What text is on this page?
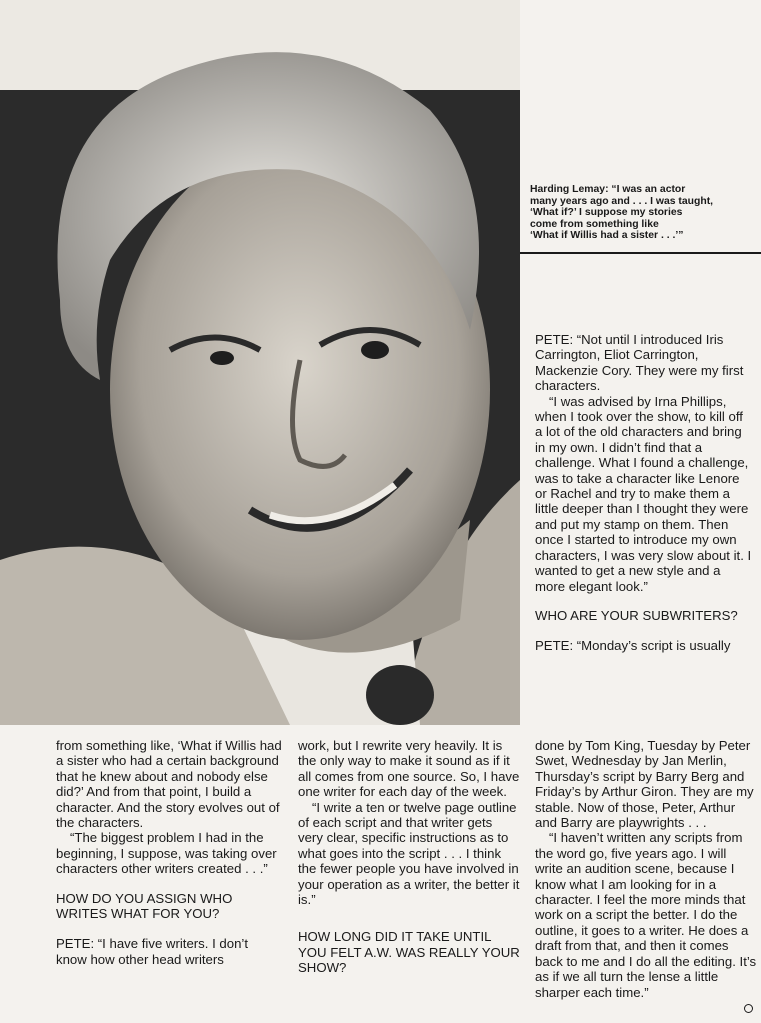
Harding Lemay: “I was an actor

many years ago and . . . I was taught,

‘What if?’ I suppose my stories

come from something like

‘What if Willis had a sister . . .’”

PETE: “Not until I introduced Iris Carrington, Eliot Carrington, Mackenzie Cory. They were my first characters.

“I was advised by Irna Phillips, when I took over the show, to kill off a lot of the old characters and bring in my own. I didn’t find that a challenge. What I found a challenge, was to take a character like Lenore or Rachel and try to make them a little deeper than I thought they were and put my stamp on them. Then once I started to introduce my own characters, I was very slow about it. I wanted to get a new style and a more elegant look.”

WHO ARE YOUR SUBWRITERS?

PETE: “Monday’s script is usually

from something like, ‘What if Willis had a sister who had a certain background that he knew about and nobody else did?’ And from that point, I build a character. And the story evolves out of the characters.

“The biggest problem I had in the beginning, I suppose, was taking over characters other writers created . . .”

HOW DO YOU ASSIGN WHO WRITES WHAT FOR YOU?

PETE: “I have five writers. I don’t know how other head writers

work, but I rewrite very heavily. It is the only way to make it sound as if it all comes from one source. So, I have one writer for each day of the week.

“I write a ten or twelve page outline of each script and that writer gets very clear, specific instructions as to what goes into the script . . . I think the fewer people you have involved in your operation as a writer, the better it is.”

HOW LONG DID IT TAKE UNTIL YOU FELT A.W. WAS REALLY YOUR SHOW?

done by Tom King, Tuesday by Peter Swet, Wednesday by Jan Merlin, Thursday’s script by Barry Berg and Friday’s by Arthur Giron. They are my stable. Now of those, Peter, Arthur and Barry are playwrights . . .

“I haven’t written any scripts from the word go, five years ago. I will write an audition scene, because I know what I am looking for in a character. I feel the more minds that work on a script the better. I do the outline, it goes to a writer. He does a draft from that, and then it comes back to me and I do all the editing. It’s as if we all turn the lense a little sharper each time.”
